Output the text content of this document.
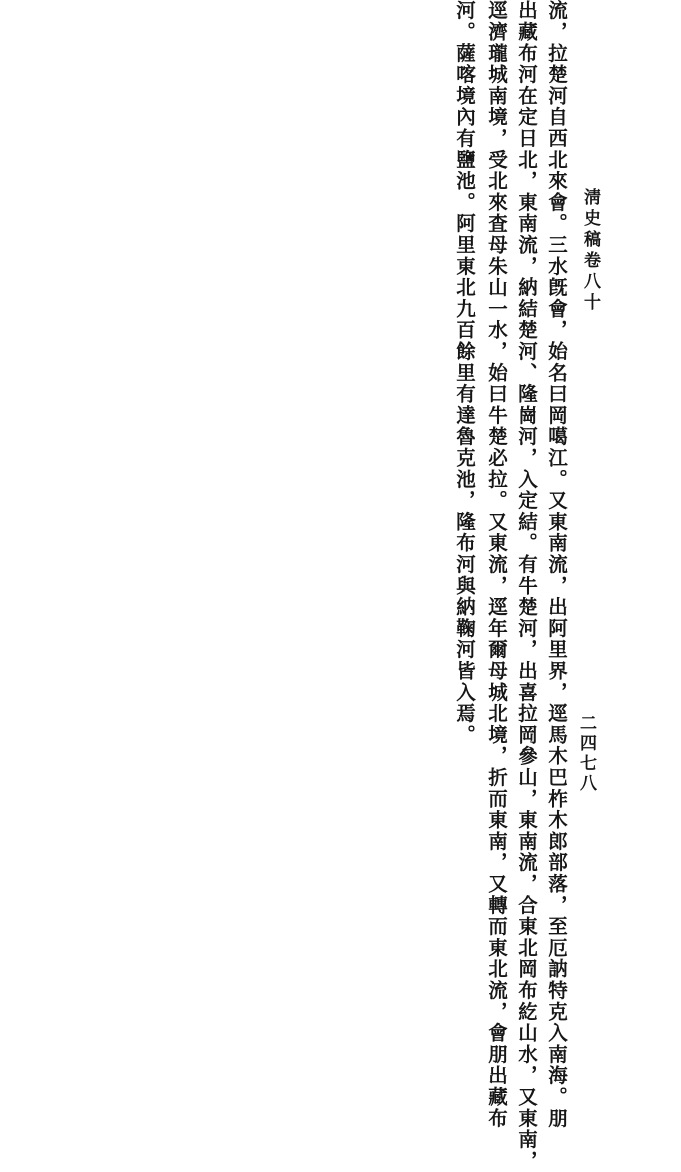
淸史稿卷八十
二四七八
流，拉楚河自西北來會。三水旣會，始名曰岡噶江。又東南流，出阿里界，逕馬木巴柞木郎部落，至厄訥特克入南海。朋
出藏布河在定日北，東南流，納結楚河、隆崗河，入定結。有牛楚河，出喜拉岡參山，東南流，合東北岡布紇山水，又東南，
逕濟瓏城南境，受北來査母朱山一水，始曰牛楚必拉。又東流，逕年爾母城北境，折而東南，又轉而東北流，會朋出藏布
河。薩喀境內有鹽池。阿里東北九百餘里有達魯克池，隆布河與納鞠河皆入焉。
